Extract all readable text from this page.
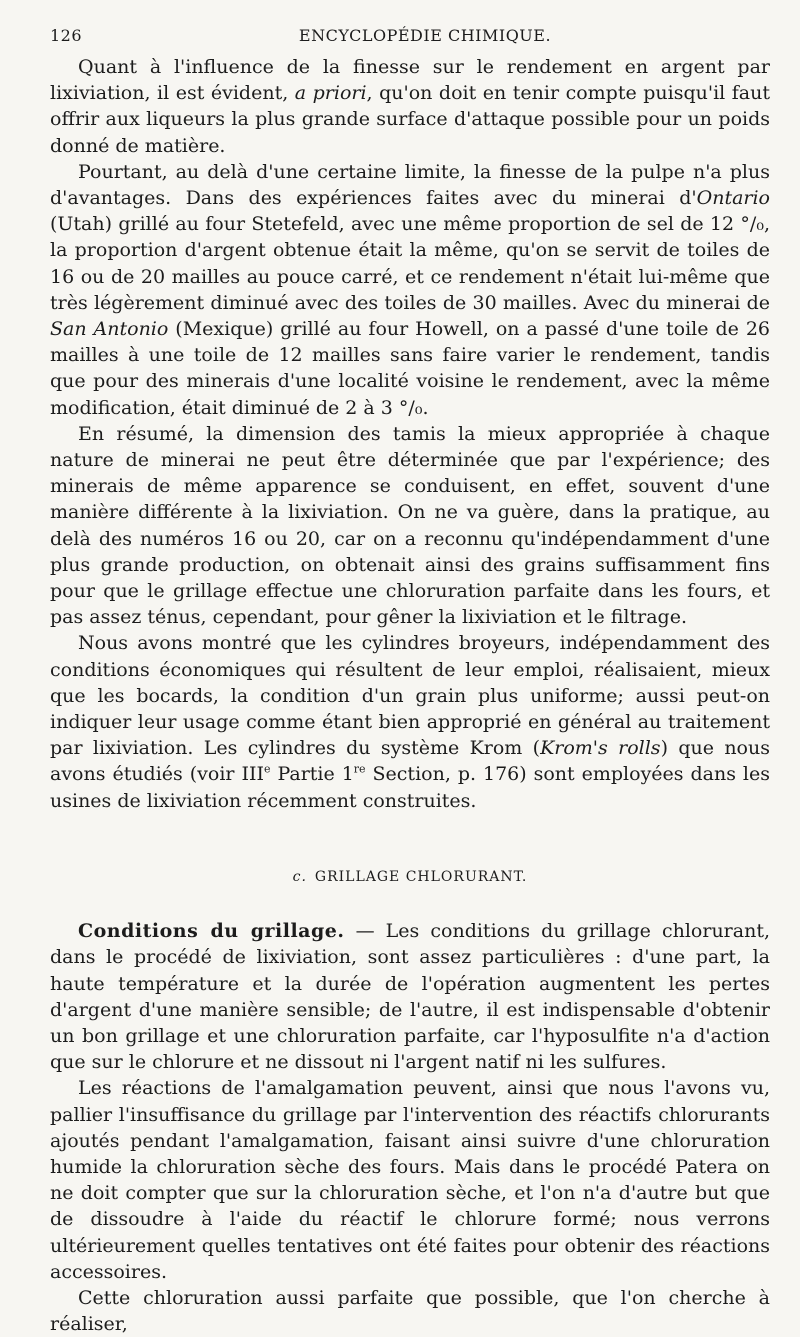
126	ENCYCLOPÉDIE CHIMIQUE.

Quant à l'influence de la finesse sur le rendement en argent par lixiviation, il est évident, a priori, qu'on doit en tenir compte puisqu'il faut offrir aux liqueurs la plus grande surface d'attaque possible pour un poids donné de matière.

Pourtant, au delà d'une certaine limite, la finesse de la pulpe n'a plus d'avantages. Dans des expériences faites avec du minerai d'Ontario (Utah) grillé au four Stetefeld, avec une même proportion de sel de 12 °/₀, la proportion d'argent obtenue était la même, qu'on se servit de toiles de 16 ou de 20 mailles au pouce carré, et ce rendement n'était lui-même que très légèrement diminué avec des toiles de 30 mailles. Avec du minerai de San Antonio (Mexique) grillé au four Howell, on a passé d'une toile de 26 mailles à une toile de 12 mailles sans faire varier le rendement, tandis que pour des minerais d'une localité voisine le rendement, avec la même modification, était diminué de 2 à 3 °/₀.

En résumé, la dimension des tamis la mieux appropriée à chaque nature de minerai ne peut être déterminée que par l'expérience; des minerais de même apparence se conduisent, en effet, souvent d'une manière différente à la lixiviation. On ne va guère, dans la pratique, au delà des numéros 16 ou 20, car on a reconnu qu'indépendamment d'une plus grande production, on obtenait ainsi des grains suffisamment fins pour que le grillage effectue une chloruration parfaite dans les fours, et pas assez ténus, cependant, pour gêner la lixiviation et le filtrage.

Nous avons montré que les cylindres broyeurs, indépendamment des conditions économiques qui résultent de leur emploi, réalisaient, mieux que les bocards, la condition d'un grain plus uniforme; aussi peut-on indiquer leur usage comme étant bien approprié en général au traitement par lixiviation. Les cylindres du système Krom (Krom's rolls) que nous avons étudiés (voir IIIe Partie 1re Section, p. 176) sont employées dans les usines de lixiviation récemment construites.

c. GRILLAGE CHLORURANT.

Conditions du grillage. — Les conditions du grillage chlorurant, dans le procédé de lixiviation, sont assez particulières : d'une part, la haute température et la durée de l'opération augmentent les pertes d'argent d'une manière sensible; de l'autre, il est indispensable d'obtenir un bon grillage et une chloruration parfaite, car l'hyposulfite n'a d'action que sur le chlorure et ne dissout ni l'argent natif ni les sulfures.

Les réactions de l'amalgamation peuvent, ainsi que nous l'avons vu, pallier l'insuffisance du grillage par l'intervention des réactifs chlorurants ajoutés pendant l'amalgamation, faisant ainsi suivre d'une chloruration humide la chloruration sèche des fours. Mais dans le procédé Patera on ne doit compter que sur la chloruration sèche, et l'on n'a d'autre but que de dissoudre à l'aide du réactif le chlorure formé; nous verrons ultérieurement quelles tentatives ont été faites pour obtenir des réactions accessoires.

Cette chloruration aussi parfaite que possible, que l'on cherche à réaliser,
